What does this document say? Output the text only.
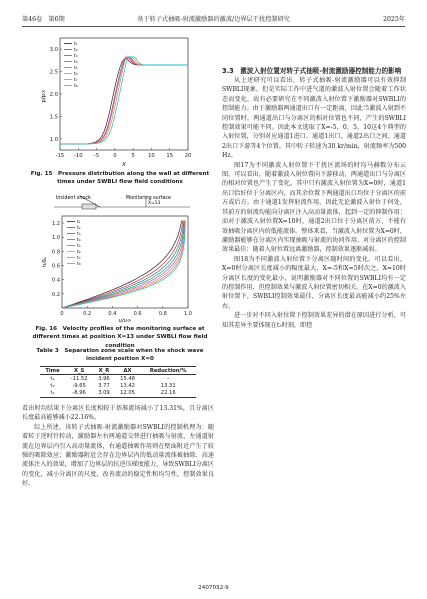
第46卷　第6期	基于转子式抽吸-射流激励器的激波/边界层干扰控制研究	2025年
-15 -10 -5	0	5	10 15 20
1.0
1.5
2.0
2.5
3.0
t₁
t₂
t₃
t₄
t₅
t₆
t₇
t₈
p/p∞
X
Fig. 15　Pressure distribution along the wall at different times under SWBLI flow field conditions
Incident shock	Monitoring surface
X=13
0	0.2	0.4	0.6	0.8	1.0
0.2
0.4
0.6
0.8
1.0
1.2	t₁
t₂
t₃
t₄
t₅
t₆
t₇
t₈
h/δ₀
u/u∞
Fig. 16　Velocity profiles of the monitoring surface at different times at position X=13 under SWBLI flow field condition
Table 3　Separation zone scale when the shock wave incident position X=0
Time	X_S	X_R	ΔX	Reduction/%
t₁	-11.52	3.96	15.48	–
t₃	-9.65	3.77	13.42	13.31
t₅	-8.96	3.09	12.05	22.16

看出时均结果下分离区长度相较于基准流场减小了13.31%，且分离区长度最高能够减小22.16%。

综上所述，该转子式抽吸-射流激励器对SWBLI的控制机理为：随着转子逆时针转动，激励器左右两通道交替进行抽吸与射流，左通道射流在边界层内引入高动量流体，右通道抽吸作用则在壁面附近产生了较强的吸除效应；激励器附近会存在边界层内的低动量流体被抽除、高速流体注入的效果，增加了边界层的抗逆压梯度能力，导致SWBLI分离区的变化，减小分离区的尺度，改善流动的稳定性和均匀性，控制效果良好。

3.3　激波入射位置对转子式抽吸-射流激励器控制能力的影响

从上述研究可以看出，转子式抽吸-射流激励器可以有效抑制SWBLI现象，但是实际工作中进气道的激波入射位置会随着工作状态而变化，故有必要研究在不同激波入射位置下激励器对SWBLI的控制能力。由于激励器两通道出口有一定距离，因此当激波入射到不同位置时，两通道出口与分离区的相对位置也不同，产生的SWBLI控制效果可能不同。因此本文选取了X=-5，0，5，10这4个典型的入射位置，分别对应通道1进口、通道1出口、通道2出口之间、通道2出口下游等4个位置。其中转子转速为30 kr/min，射流频率为500 Hz。

图17为不同激波入射位置下干扰区流场的时均马赫数分布云图。可以看出，随着激波入射位置向下游移动，两通道出口与分离区的相对位置也产生了变化。其中只有激波入射位置为X=0时，通道1出口恰好位于分离区内，而其余位置下两通道出口均位于分离区的前方或后方。由于通道1发挥射流作用，因此无论激波入射位于何处，其前方的射流均能向分离区注入高动量流体，起到一定的抑制作用；而对于激波入射位置X=10时，通道2出口位于分离区前方，不能有效抽吸分离区内的低能流体。整体来看，当激波入射位置为X=0时，激励器能够在分离区内实现抽吸与射流的协同作用，对分离区的控制效果最佳；随着入射位置远离激励器，控制效果逐渐减弱。

图18为不同激波入射位置下分离区随时间的变化。可以看出，X=0时分离区长度减小的幅度最大，X=-5和X=5时次之，X=10时分离区长度的变化最小，说明激励器对不同位置的SWBLI均有一定的控制作用，但控制效果与激波入射位置密切相关。在X=0的激波入射位置下，SWBLI控制效果最佳，分离区长度最高能减小约25%左右。

进一步对不同入射位置下控制效果差异的潜在原因进行分析，可知其差异主要体现在t₃时刻，即控

2407032-9
